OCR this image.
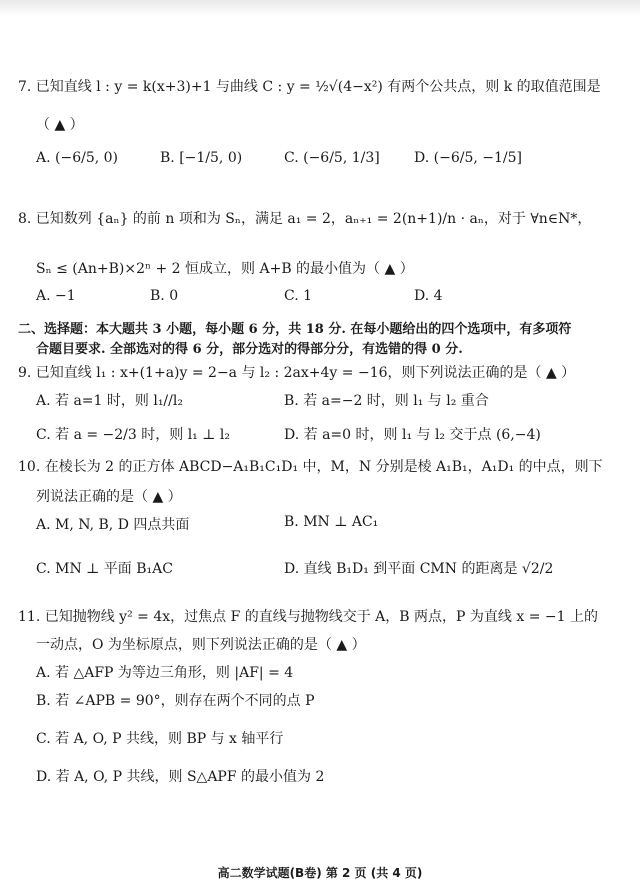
7. 已知直线 l : y = k(x+3)+1 与曲线 C : y = ½√(4−x²) 有两个公共点，则 k 的取值范围是
（ ▲ ）
A. (−6/5, 0)	B. [−1/5, 0)	C. (−6/5, 1/3] D. (−6/5, −1/5]
8. 已知数列 {aₙ} 的前 n 项和为 Sₙ，满足 a₁ = 2，aₙ₊₁ = 2(n+1)/n · aₙ，对于 ∀n∈N*，
Sₙ ≤ (An+B)×2ⁿ + 2 恒成立，则 A+B 的最小值为（ ▲ ）
A. −1	B. 0	C. 1	D. 4
二、选择题：本大题共 3 小题，每小题 6 分，共 18 分. 在每小题给出的四个选项中，有多项符
合题目要求. 全部选对的得 6 分，部分选对的得部分分，有选错的得 0 分.
9. 已知直线 l₁ : x+(1+a)y = 2−a 与 l₂ : 2ax+4y = −16，则下列说法正确的是（ ▲ ）
A. 若 a=1 时，则 l₁//l₂	B. 若 a=−2 时，则 l₁ 与 l₂ 重合
C. 若 a = −2/3 时，则 l₁ ⊥ l₂	D. 若 a=0 时，则 l₁ 与 l₂ 交于点 (6,−4)
10. 在棱长为 2 的正方体 ABCD−A₁B₁C₁D₁ 中，M，N 分别是棱 A₁B₁，A₁D₁ 的中点，则下
列说法正确的是（ ▲ ）
A. M, N, B, D 四点共面	B. MN ⊥ AC₁
C. MN ⊥ 平面 B₁AC	D. 直线 B₁D₁ 到平面 CMN 的距离是 √2/2
11. 已知抛物线 y² = 4x，过焦点 F 的直线与抛物线交于 A，B 两点，P 为直线 x = −1 上的
一动点，O 为坐标原点，则下列说法正确的是（ ▲ ）
A. 若 △AFP 为等边三角形，则 |AF| = 4
B. 若 ∠APB = 90°，则存在两个不同的点 P
C. 若 A, O, P 共线，则 BP 与 x 轴平行
D. 若 A, O, P 共线，则 S△APF 的最小值为 2
高二数学试题(B卷) 第 2 页 (共 4 页)
